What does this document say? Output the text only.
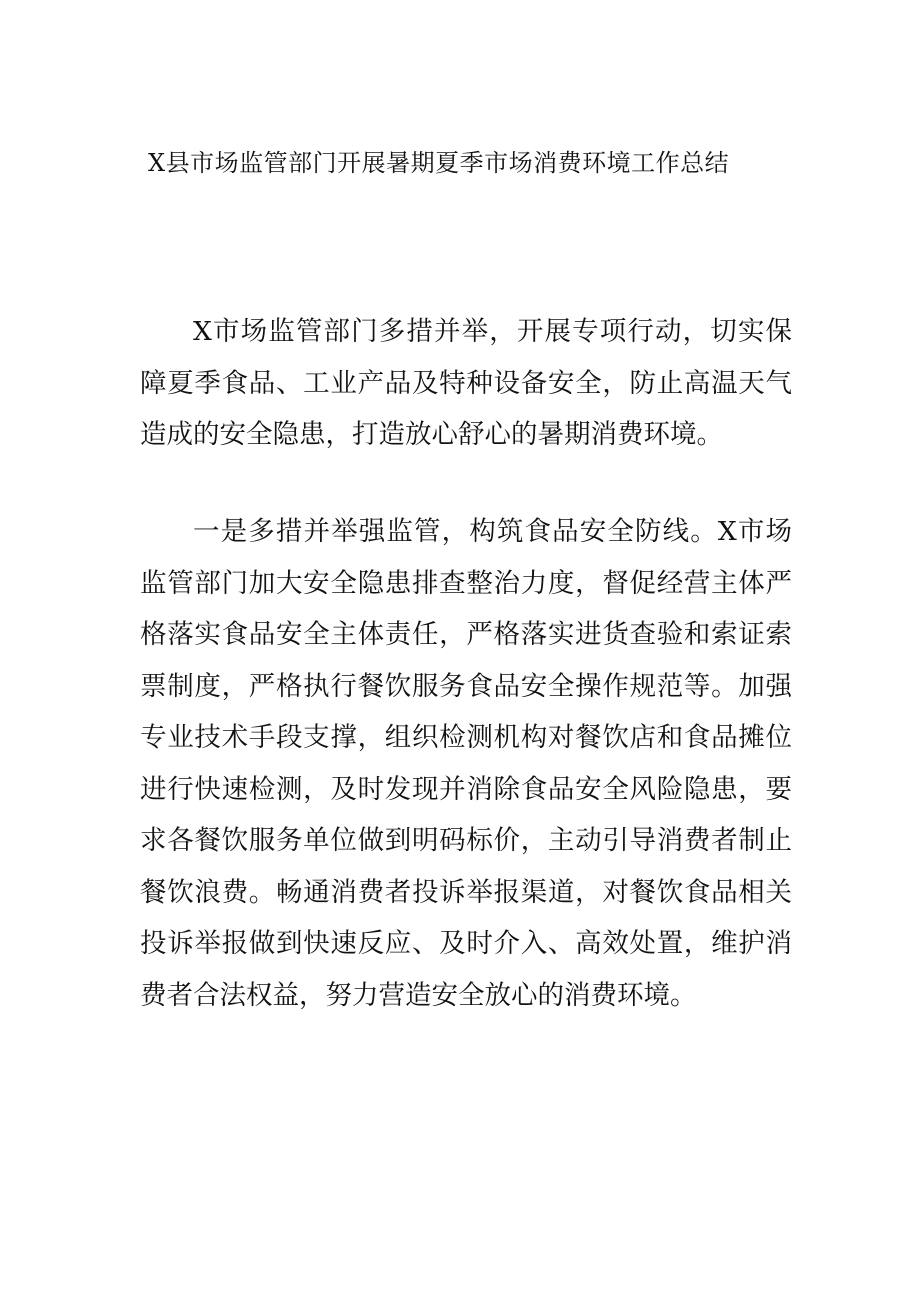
X县市场监管部门开展暑期夏季市场消费环境工作总结

X市场监管部门多措并举，开展专项行动，切实保障夏季食品、工业产品及特种设备安全，防止高温天气造成的安全隐患，打造放心舒心的暑期消费环境。

一是多措并举强监管，构筑食品安全防线。X市场监管部门加大安全隐患排查整治力度，督促经营主体严格落实食品安全主体责任，严格落实进货查验和索证索票制度，严格执行餐饮服务食品安全操作规范等。加强专业技术手段支撑，组织检测机构对餐饮店和食品摊位进行快速检测，及时发现并消除食品安全风险隐患，要求各餐饮服务单位做到明码标价，主动引导消费者制止餐饮浪费。畅通消费者投诉举报渠道，对餐饮食品相关投诉举报做到快速反应、及时介入、高效处置，维护消费者合法权益，努力营造安全放心的消费环境。
